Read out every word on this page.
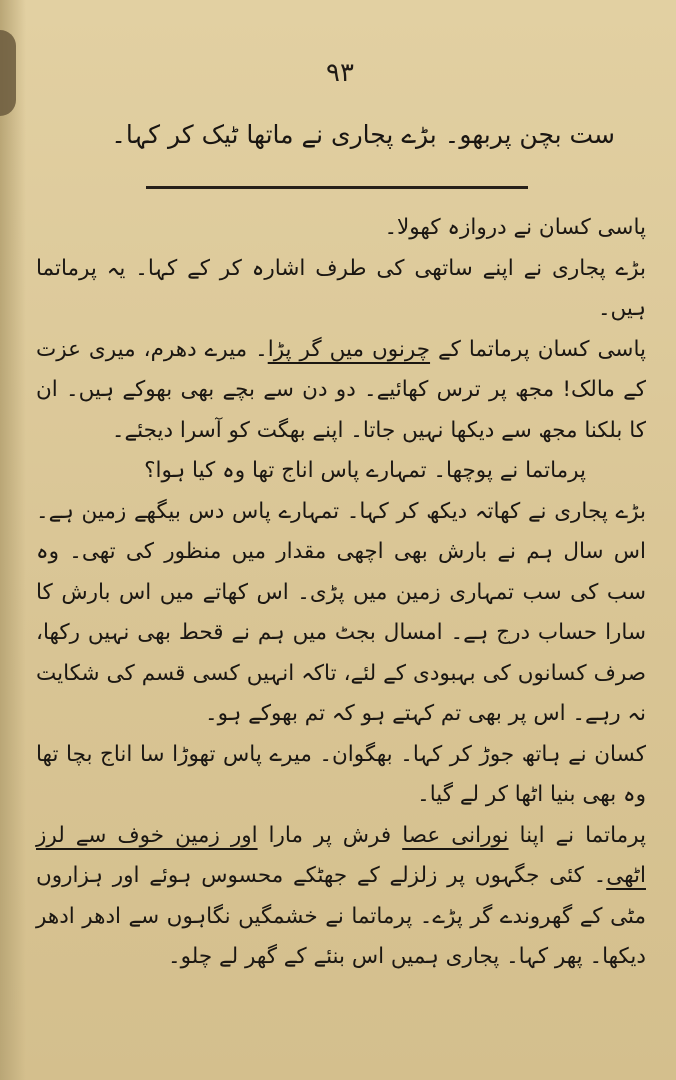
۹۳
ست بچن پربھو۔ بڑے پجاری نے ماتھا ٹیک کر کہا۔

پاسی کسان نے دروازہ کھولا۔

بڑے پجاری نے اپنے ساتھی کی طرف اشارہ کر کے کہا۔ یہ پرماتما ہیں۔

پاسی کسان پرماتما کے چرنوں میں گر پڑا۔ میرے دھرم، میری عزت کے مالک! مجھ پر ترس کھائیے۔ دو دن سے بچے بھی بھوکے ہیں۔ ان کا بلکنا مجھ سے دیکھا نہیں جاتا۔ اپنے بھگت کو آسرا دیجئے۔

پرماتما نے پوچھا۔ تمہارے پاس اناج تھا وہ کیا ہوا؟

بڑے پجاری نے کھاتہ دیکھ کر کہا۔ تمہارے پاس دس بیگھے زمین ہے۔ اس سال ہم نے بارش بھی اچھی مقدار میں منظور کی تھی۔ وہ سب کی سب تمہاری زمین میں پڑی۔ اس کھاتے میں اس بارش کا سارا حساب درج ہے۔ امسال بجٹ میں ہم نے قحط بھی نہیں رکھا، صرف کسانوں کی بہبودی کے لئے، تاکہ انہیں کسی قسم کی شکایت نہ رہے۔ اس پر بھی تم کہتے ہو کہ تم بھوکے ہو۔

کسان نے ہاتھ جوڑ کر کہا۔ بھگوان۔ میرے پاس تھوڑا سا اناج بچا تھا وہ بھی بنیا اٹھا کر لے گیا۔

پرماتما نے اپنا نورانی عصا فرش پر مارا اور زمین خوف سے لرز اٹھی۔ کئی جگہوں پر زلزلے کے جھٹکے محسوس ہوئے اور ہزاروں مٹی کے گھروندے گر پڑے۔ پرماتما نے خشمگیں نگاہوں سے ادھر ادھر دیکھا۔ پھر کہا۔ پجاری ہمیں اس بنئے کے گھر لے چلو۔
